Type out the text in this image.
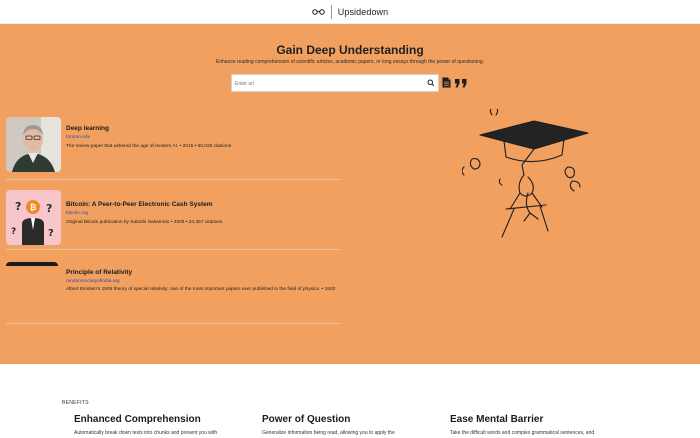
Upsidedown
Gain Deep Understanding
Enhance reading comprehension of scientific articles, academic papers, or long essays through the power of questioning.
Enter url
Deep learning
toronto.edu
The review paper that ushered the age of modern AI. • 2015 • 60,020 citations
₿
? ?
?	?
Bitcoin: A Peer-to-Peer Electronic Cash System
bitcoin.org
Original Bitcoin publication by Satoshi Nakamoto • 2008 • 24,357 citations
Principle of Relativity
randomsocietyofindia.org
Albert Einstein's 1905 theory of special relativity: one of the most important papers ever published in the field of physics. • 1920
BENEFITS
Enhanced Comprehension
Automatically break down texts into chunks and present you with
Power of Question
Generalize information being read, allowing you to apply the
Ease Mental Barrier
Take the difficult words and complex grammatical sentences, and
